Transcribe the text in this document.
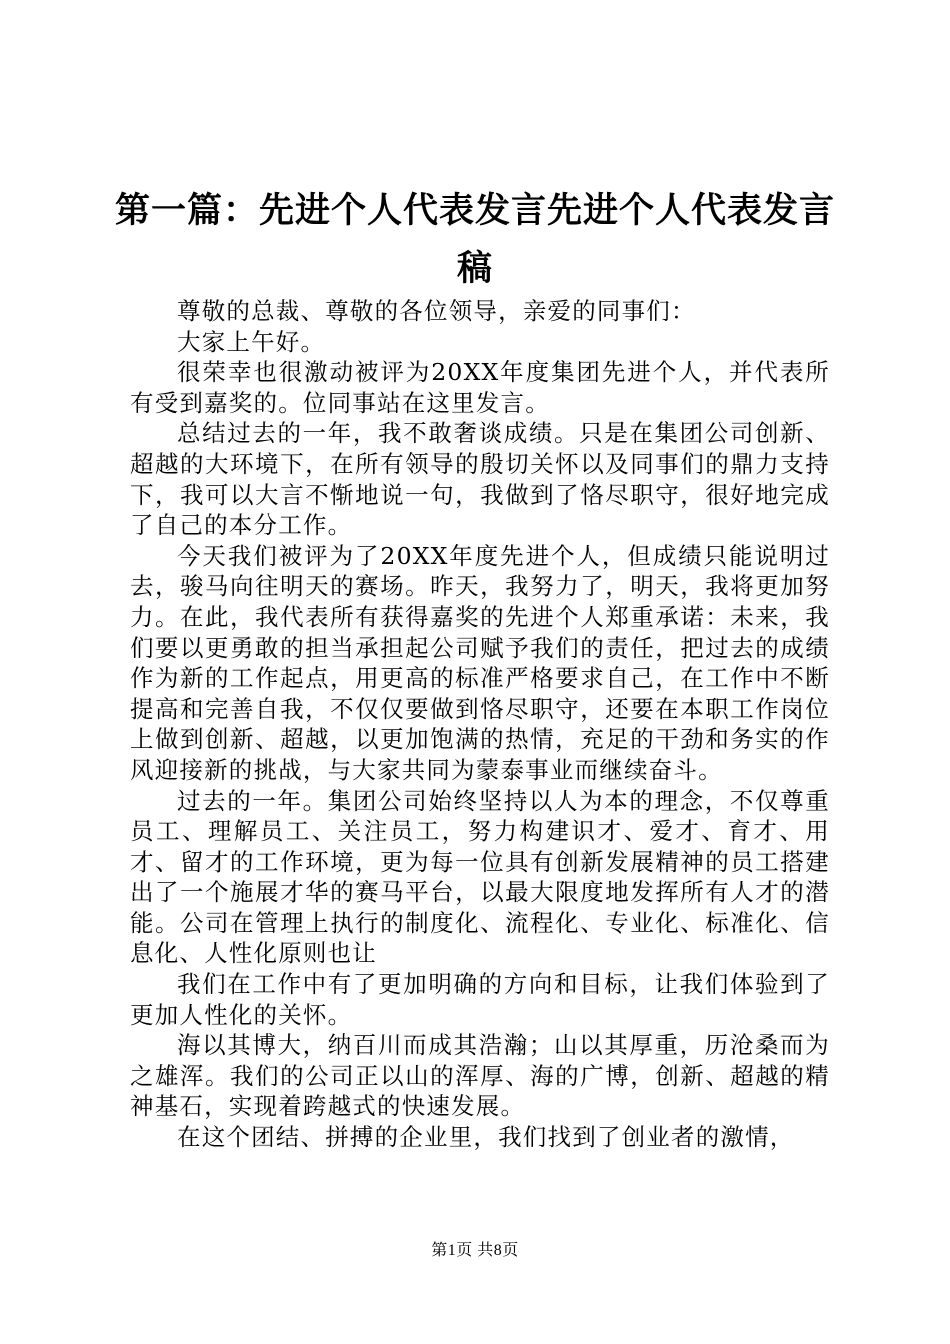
第一篇：先进个人代表发言先进个人代表发言稿

尊敬的总裁、尊敬的各位领导，亲爱的同事们：

大家上午好。

很荣幸也很激动被评为20XX年度集团先进个人，并代表所有受到嘉奖的。位同事站在这里发言。

总结过去的一年，我不敢奢谈成绩。只是在集团公司创新、超越的大环境下，在所有领导的殷切关怀以及同事们的鼎力支持下，我可以大言不惭地说一句，我做到了恪尽职守，很好地完成了自己的本分工作。

今天我们被评为了20XX年度先进个人，但成绩只能说明过去，骏马向往明天的赛场。昨天，我努力了，明天，我将更加努力。在此，我代表所有获得嘉奖的先进个人郑重承诺：未来，我们要以更勇敢的担当承担起公司赋予我们的责任，把过去的成绩作为新的工作起点，用更高的标准严格要求自己，在工作中不断提高和完善自我，不仅仅要做到恪尽职守，还要在本职工作岗位上做到创新、超越，以更加饱满的热情，充足的干劲和务实的作风迎接新的挑战，与大家共同为蒙泰事业而继续奋斗。

过去的一年。集团公司始终坚持以人为本的理念，不仅尊重员工、理解员工、关注员工，努力构建识才、爱才、育才、用才、留才的工作环境，更为每一位具有创新发展精神的员工搭建出了一个施展才华的赛马平台，以最大限度地发挥所有人才的潜能。公司在管理上执行的制度化、流程化、专业化、标准化、信息化、人性化原则也让

我们在工作中有了更加明确的方向和目标，让我们体验到了更加人性化的关怀。

海以其博大，纳百川而成其浩瀚；山以其厚重，历沧桑而为之雄浑。我们的公司正以山的浑厚、海的广博，创新、超越的精神基石，实现着跨越式的快速发展。

在这个团结、拼搏的企业里，我们找到了创业者的激情，

第1页 共8页
